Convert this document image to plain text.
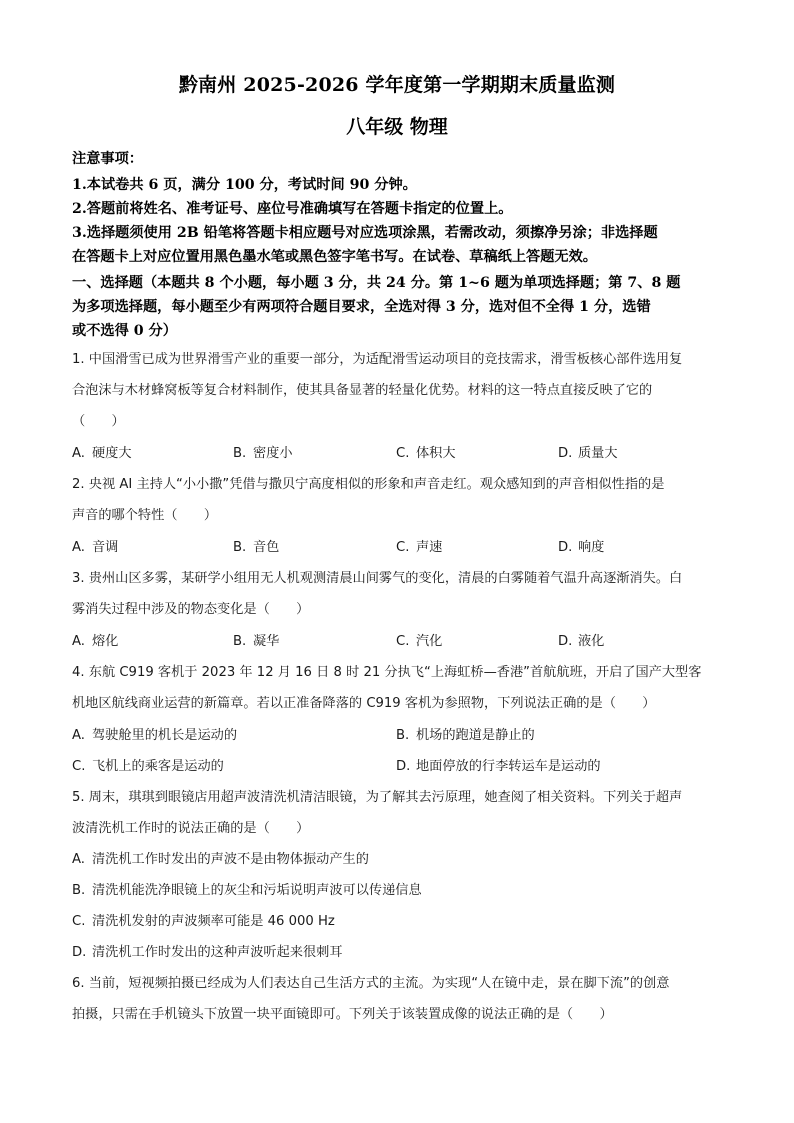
黔南州 2025-2026 学年度第一学期期末质量监测
八年级 物理
注意事项：
1.本试卷共 6 页，满分 100 分，考试时间 90 分钟。
2.答题前将姓名、准考证号、座位号准确填写在答题卡指定的位置上。
3.选择题须使用 2B 铅笔将答题卡相应题号对应选项涂黑，若需改动，须擦净另涂；非选择题
在答题卡上对应位置用黑色墨水笔或黑色签字笔书写。在试卷、草稿纸上答题无效。
一、选择题（本题共 8 个小题，每小题 3 分，共 24 分。第 1~6 题为单项选择题；第 7、8 题
为多项选择题，每小题至少有两项符合题目要求，全选对得 3 分，选对但不全得 1 分，选错
或不选得 0 分）
1. 中国滑雪已成为世界滑雪产业的重要一部分，为适配滑雪运动项目的竞技需求，滑雪板核心部件选用复
合泡沫与木材蜂窝板等复合材料制作，使其具备显著的轻量化优势。材料的这一特点直接反映了它的
（　　）
A. 硬度大	B. 密度小	C. 体积大	D. 质量大
2. 央视 AI 主持人“小小撒”凭借与撒贝宁高度相似的形象和声音走红。观众感知到的声音相似性指的是
声音的哪个特性（　　）
A. 音调	B. 音色	C. 声速	D. 响度
3. 贵州山区多雾，某研学小组用无人机观测清晨山间雾气的变化，清晨的白雾随着气温升高逐渐消失。白
雾消失过程中涉及的物态变化是（　　）
A. 熔化	B. 凝华	C. 汽化	D. 液化
4. 东航 C919 客机于 2023 年 12 月 16 日 8 时 21 分执飞“上海虹桥—香港”首航航班，开启了国产大型客
机地区航线商业运营的新篇章。若以正准备降落的 C919 客机为参照物，下列说法正确的是（　　）
A. 驾驶舱里的机长是运动的	B. 机场的跑道是静止的
C. 飞机上的乘客是运动的	D. 地面停放的行李转运车是运动的
5. 周末，琪琪到眼镜店用超声波清洗机清洁眼镜，为了解其去污原理，她查阅了相关资料。下列关于超声
波清洗机工作时的说法正确的是（　　）
A. 清洗机工作时发出的声波不是由物体振动产生的
B. 清洗机能洗净眼镜上的灰尘和污垢说明声波可以传递信息
C. 清洗机发射的声波频率可能是 46 000 Hz
D. 清洗机工作时发出的这种声波听起来很刺耳
6. 当前，短视频拍摄已经成为人们表达自己生活方式的主流。为实现“人在镜中走，景在脚下流”的创意
拍摄，只需在手机镜头下放置一块平面镜即可。下列关于该装置成像的说法正确的是（　　）
